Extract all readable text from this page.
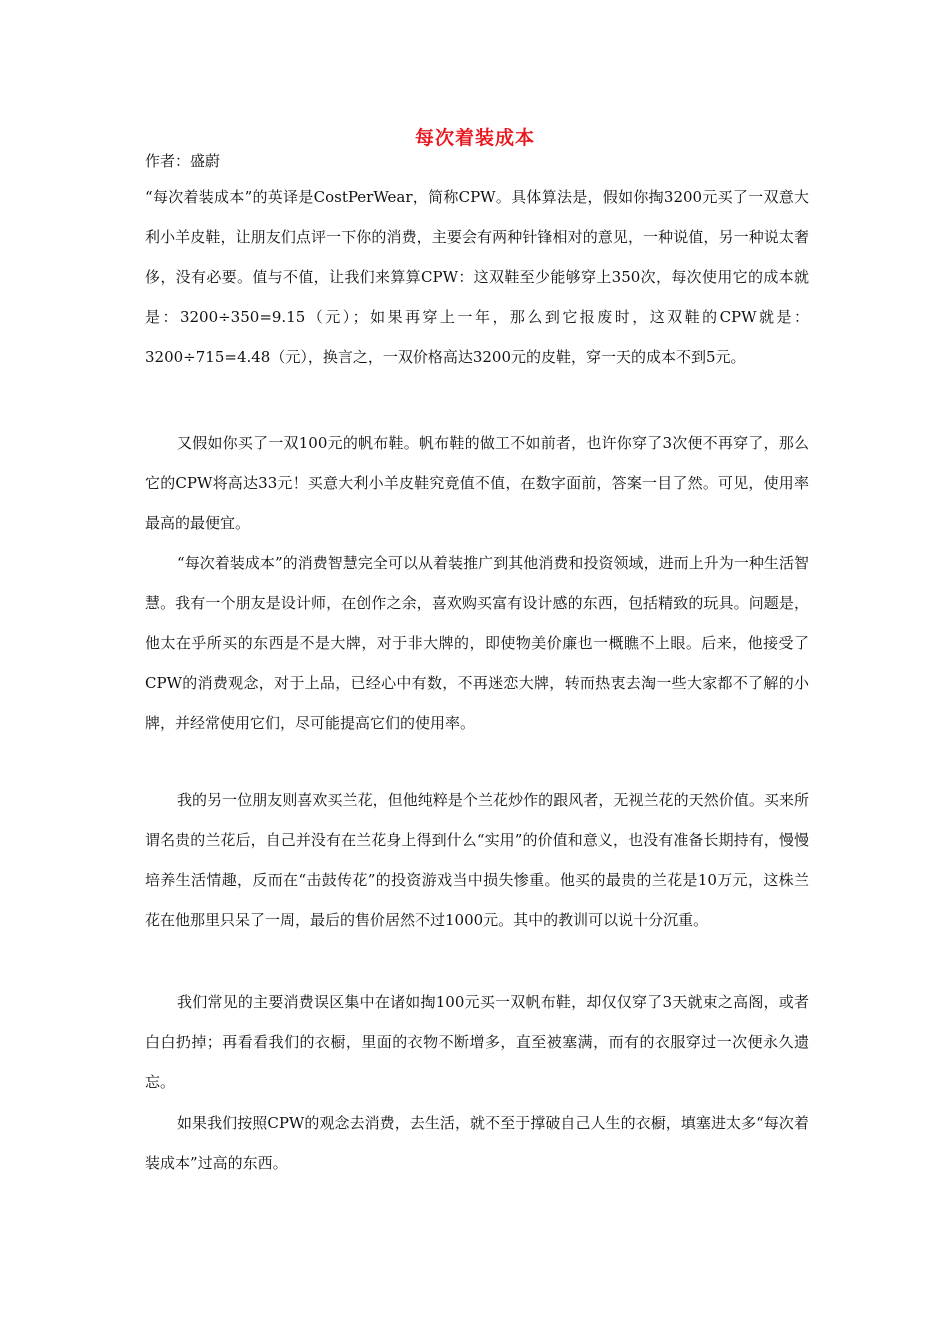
每次着装成本
作者：盛蔚

“每次着装成本”的英译是CostPerWear，简称CPW。具体算法是，假如你掏3200元买了一双意大利小羊皮鞋，让朋友们点评一下你的消费，主要会有两种针锋相对的意见，一种说值，另一种说太奢侈，没有必要。值与不值，让我们来算算CPW：这双鞋至少能够穿上350次，每次使用它的成本就是：3200÷350=9.15（元）；如果再穿上一年，那么到它报废时，这双鞋的CPW就是：3200÷715=4.48（元），换言之，一双价格高达3200元的皮鞋，穿一天的成本不到5元。

又假如你买了一双100元的帆布鞋。帆布鞋的做工不如前者，也许你穿了3次便不再穿了，那么它的CPW将高达33元！买意大利小羊皮鞋究竟值不值，在数字面前，答案一目了然。可见，使用率最高的最便宜。

“每次着装成本”的消费智慧完全可以从着装推广到其他消费和投资领域，进而上升为一种生活智慧。我有一个朋友是设计师，在创作之余，喜欢购买富有设计感的东西，包括精致的玩具。问题是，他太在乎所买的东西是不是大牌，对于非大牌的，即使物美价廉也一概瞧不上眼。后来，他接受了CPW的消费观念，对于上品，已经心中有数，不再迷恋大牌，转而热衷去淘一些大家都不了解的小牌，并经常使用它们，尽可能提高它们的使用率。

我的另一位朋友则喜欢买兰花，但他纯粹是个兰花炒作的跟风者，无视兰花的天然价值。买来所谓名贵的兰花后，自己并没有在兰花身上得到什么“实用”的价值和意义，也没有准备长期持有，慢慢培养生活情趣，反而在“击鼓传花”的投资游戏当中损失惨重。他买的最贵的兰花是10万元，这株兰花在他那里只呆了一周，最后的售价居然不过1000元。其中的教训可以说十分沉重。

我们常见的主要消费误区集中在诸如掏100元买一双帆布鞋，却仅仅穿了3天就束之高阁，或者白白扔掉；再看看我们的衣橱，里面的衣物不断增多，直至被塞满，而有的衣服穿过一次便永久遗忘。

如果我们按照CPW的观念去消费，去生活，就不至于撑破自己人生的衣橱，填塞进太多“每次着装成本”过高的东西。
